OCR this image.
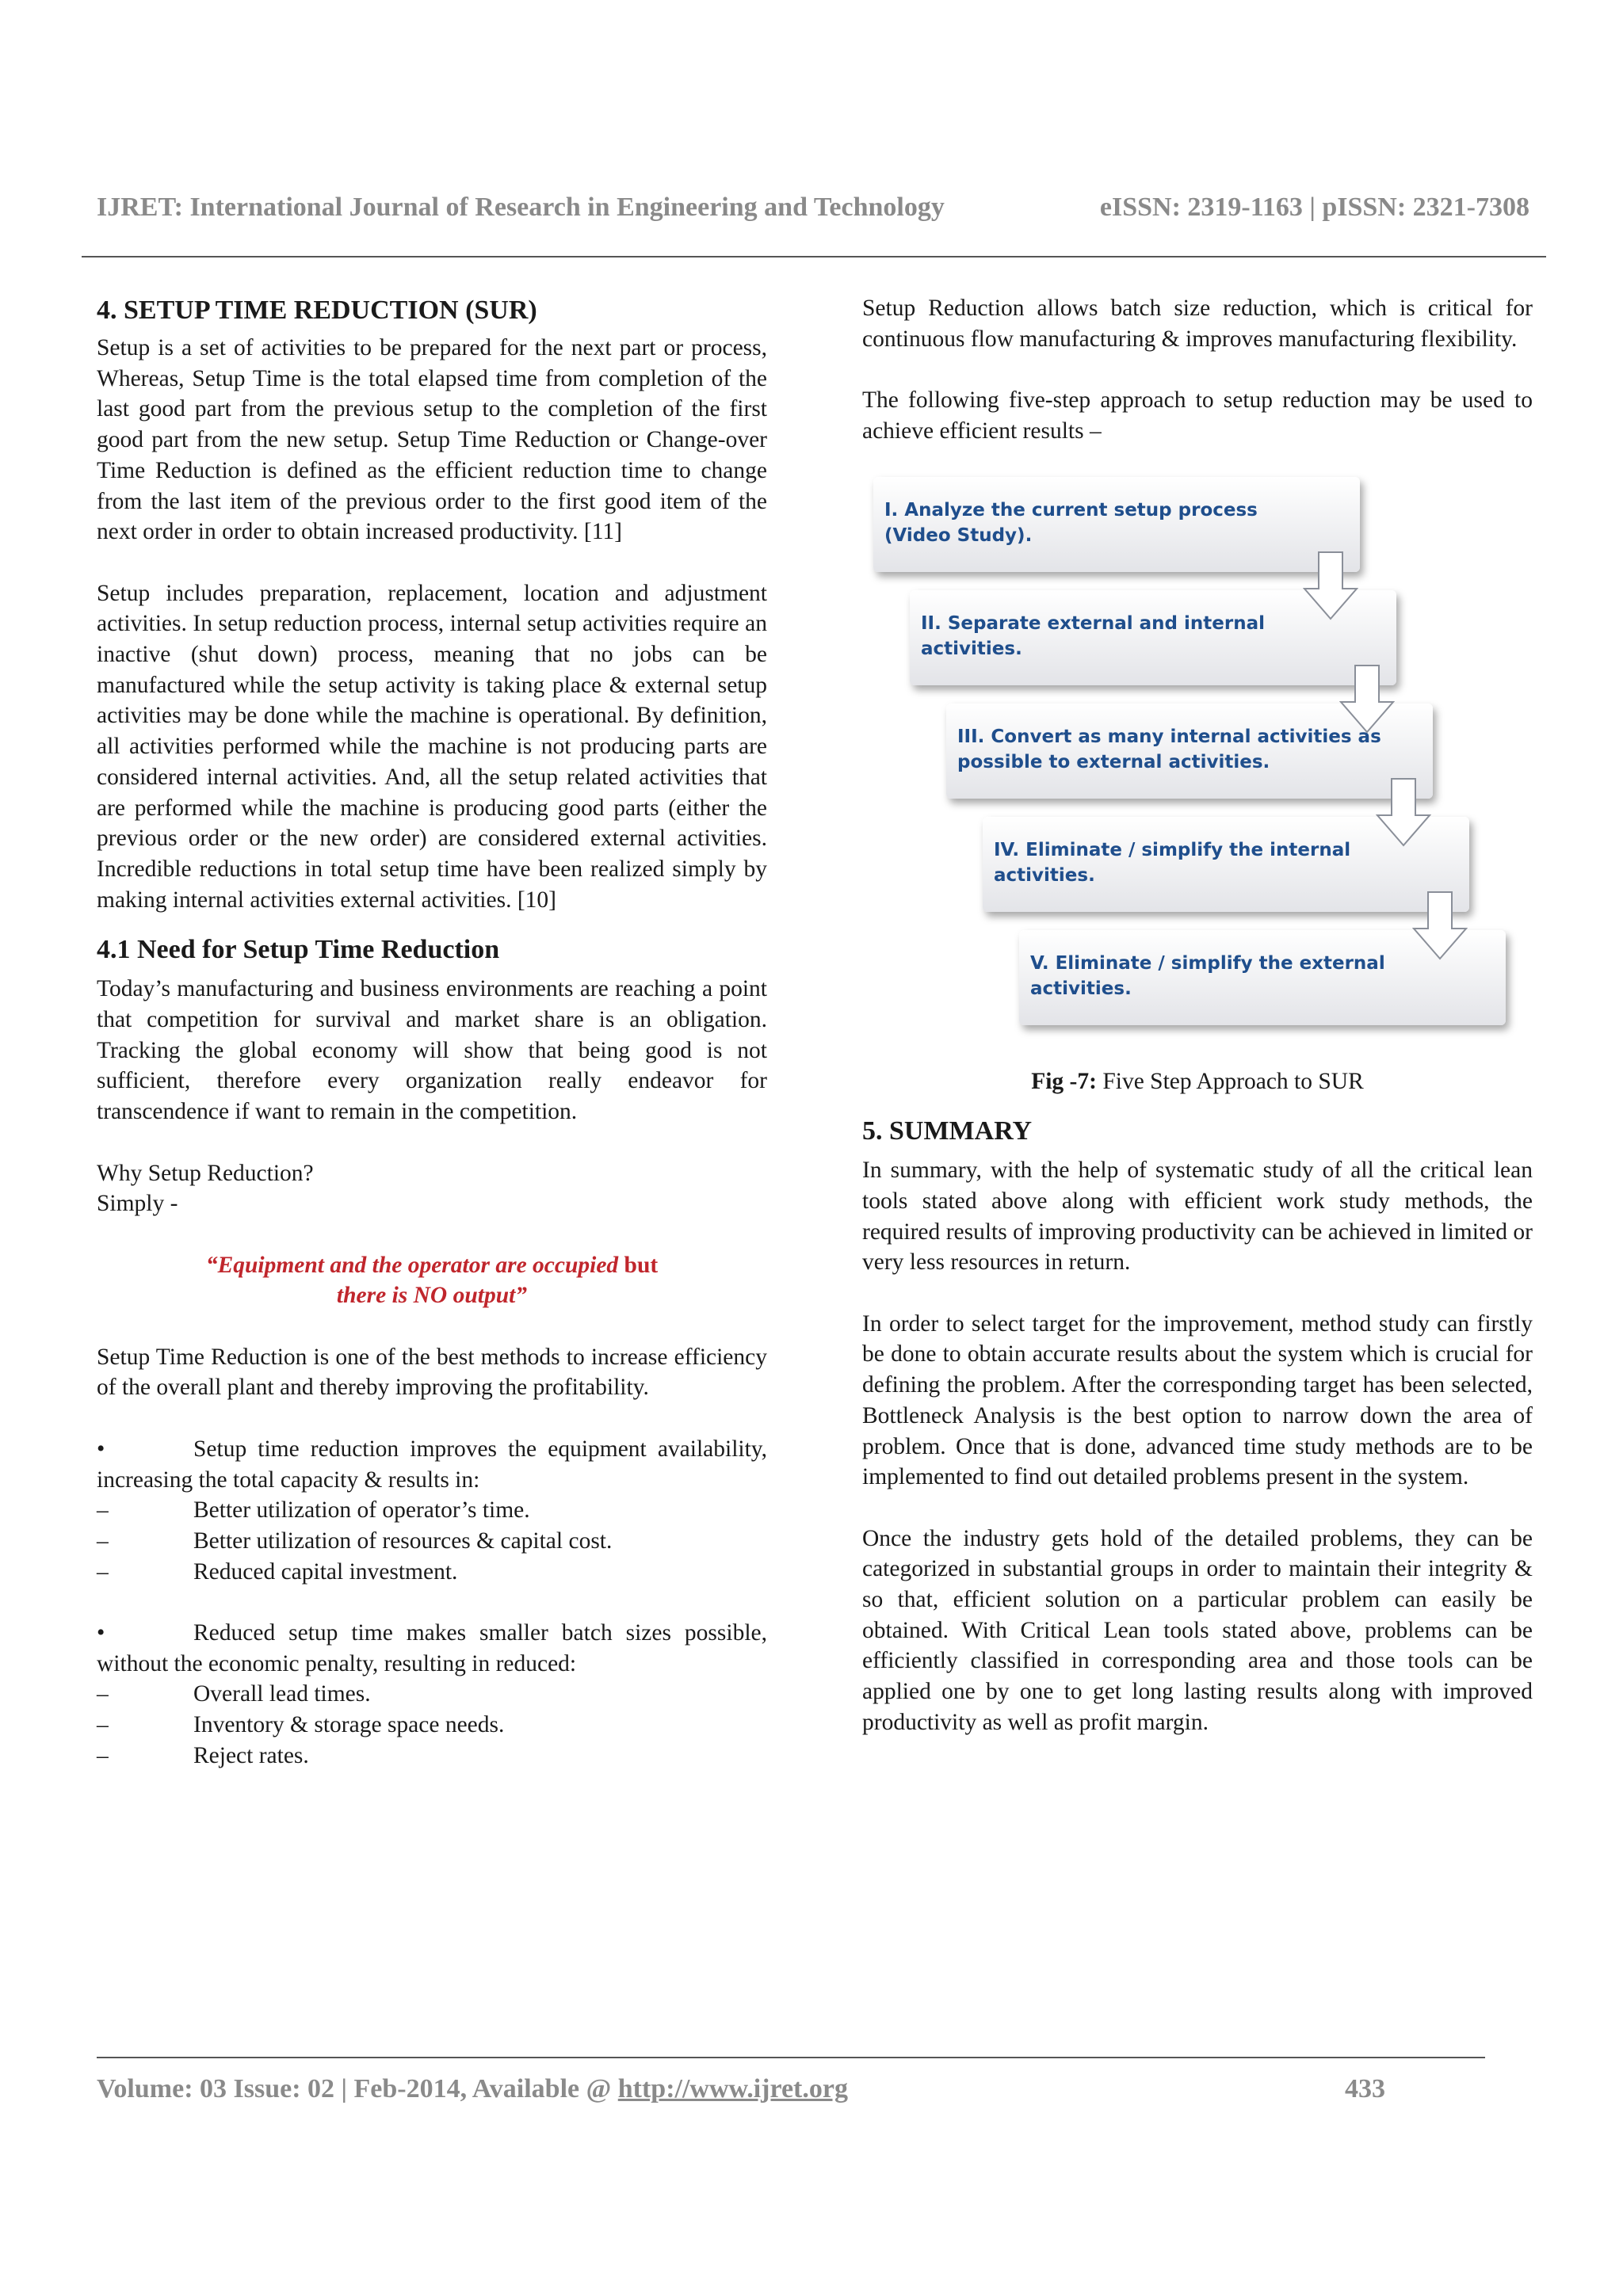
IJRET: International Journal of Research in Engineering and Technology	eISSN: 2319-1163 | pISSN: 2321-7308
4. SETUP TIME REDUCTION (SUR)

Setup is a set of activities to be prepared for the next part or process, Whereas, Setup Time is the total elapsed time from completion of the last good part from the previous setup to the completion of the first good part from the new setup. Setup Time Reduction or Change-over Time Reduction is defined as the efficient reduction time to change from the last item of the previous order to the first good item of the next order in order to obtain increased productivity. [11]

Setup includes preparation, replacement, location and adjustment activities. In setup reduction process, internal setup activities require an inactive (shut down) process, meaning that no jobs can be manufactured while the setup activity is taking place & external setup activities may be done while the machine is operational. By definition, all activities performed while the machine is not producing parts are considered internal activities. And, all the setup related activities that are performed while the machine is producing good parts (either the previous order or the new order) are considered external activities. Incredible reductions in total setup time have been realized simply by making internal activities external activities. [10]

4.1 Need for Setup Time Reduction

Today’s manufacturing and business environments are reaching a point that competition for survival and market share is an obligation. Tracking the global economy will show that being good is not sufficient, therefore every organization really endeavor for transcendence if want to remain in the competition.

Why Setup Reduction?

Simply -

“Equipment and the operator are occupied but
there is NO output”

Setup Time Reduction is one of the best methods to increase efficiency of the overall plant and thereby improving the profitability.

•	Setup time reduction improves the equipment availability, increasing the total capacity & results in:

–	Better utilization of operator’s time.
–	Better utilization of resources & capital cost.
–	Reduced capital investment.

•	Reduced setup time makes smaller batch sizes possible, without the economic penalty, resulting in reduced:

–	Overall lead times.
–	Inventory & storage space needs.
–	Reject rates.

Setup Reduction allows batch size reduction, which is critical for continuous flow manufacturing & improves manufacturing flexibility.

The following five-step approach to setup reduction may be used to achieve efficient results –

I. Analyze the current setup process (Video Study).
II. Separate external and internal activities.
III. Convert as many internal activities as possible to external activities.
IV. Eliminate / simplify the internal activities.
V. Eliminate / simplify the external activities.

Fig -7: Five Step Approach to SUR

5. SUMMARY

In summary, with the help of systematic study of all the critical lean tools stated above along with efficient work study methods, the required results of improving productivity can be achieved in limited or very less resources in return.

In order to select target for the improvement, method study can firstly be done to obtain accurate results about the system which is crucial for defining the problem. After the corresponding target has been selected, Bottleneck Analysis is the best option to narrow down the area of problem. Once that is done, advanced time study methods are to be implemented to find out detailed problems present in the system.

Once the industry gets hold of the detailed problems, they can be categorized in substantial groups in order to maintain their integrity & so that, efficient solution on a particular problem can easily be obtained. With Critical Lean tools stated above, problems can be efficiently classified in corresponding area and those tools can be applied one by one to get long lasting results along with improved productivity as well as profit margin.

Volume: 03 Issue: 02 | Feb-2014, Available @ http://www.ijret.org	433
